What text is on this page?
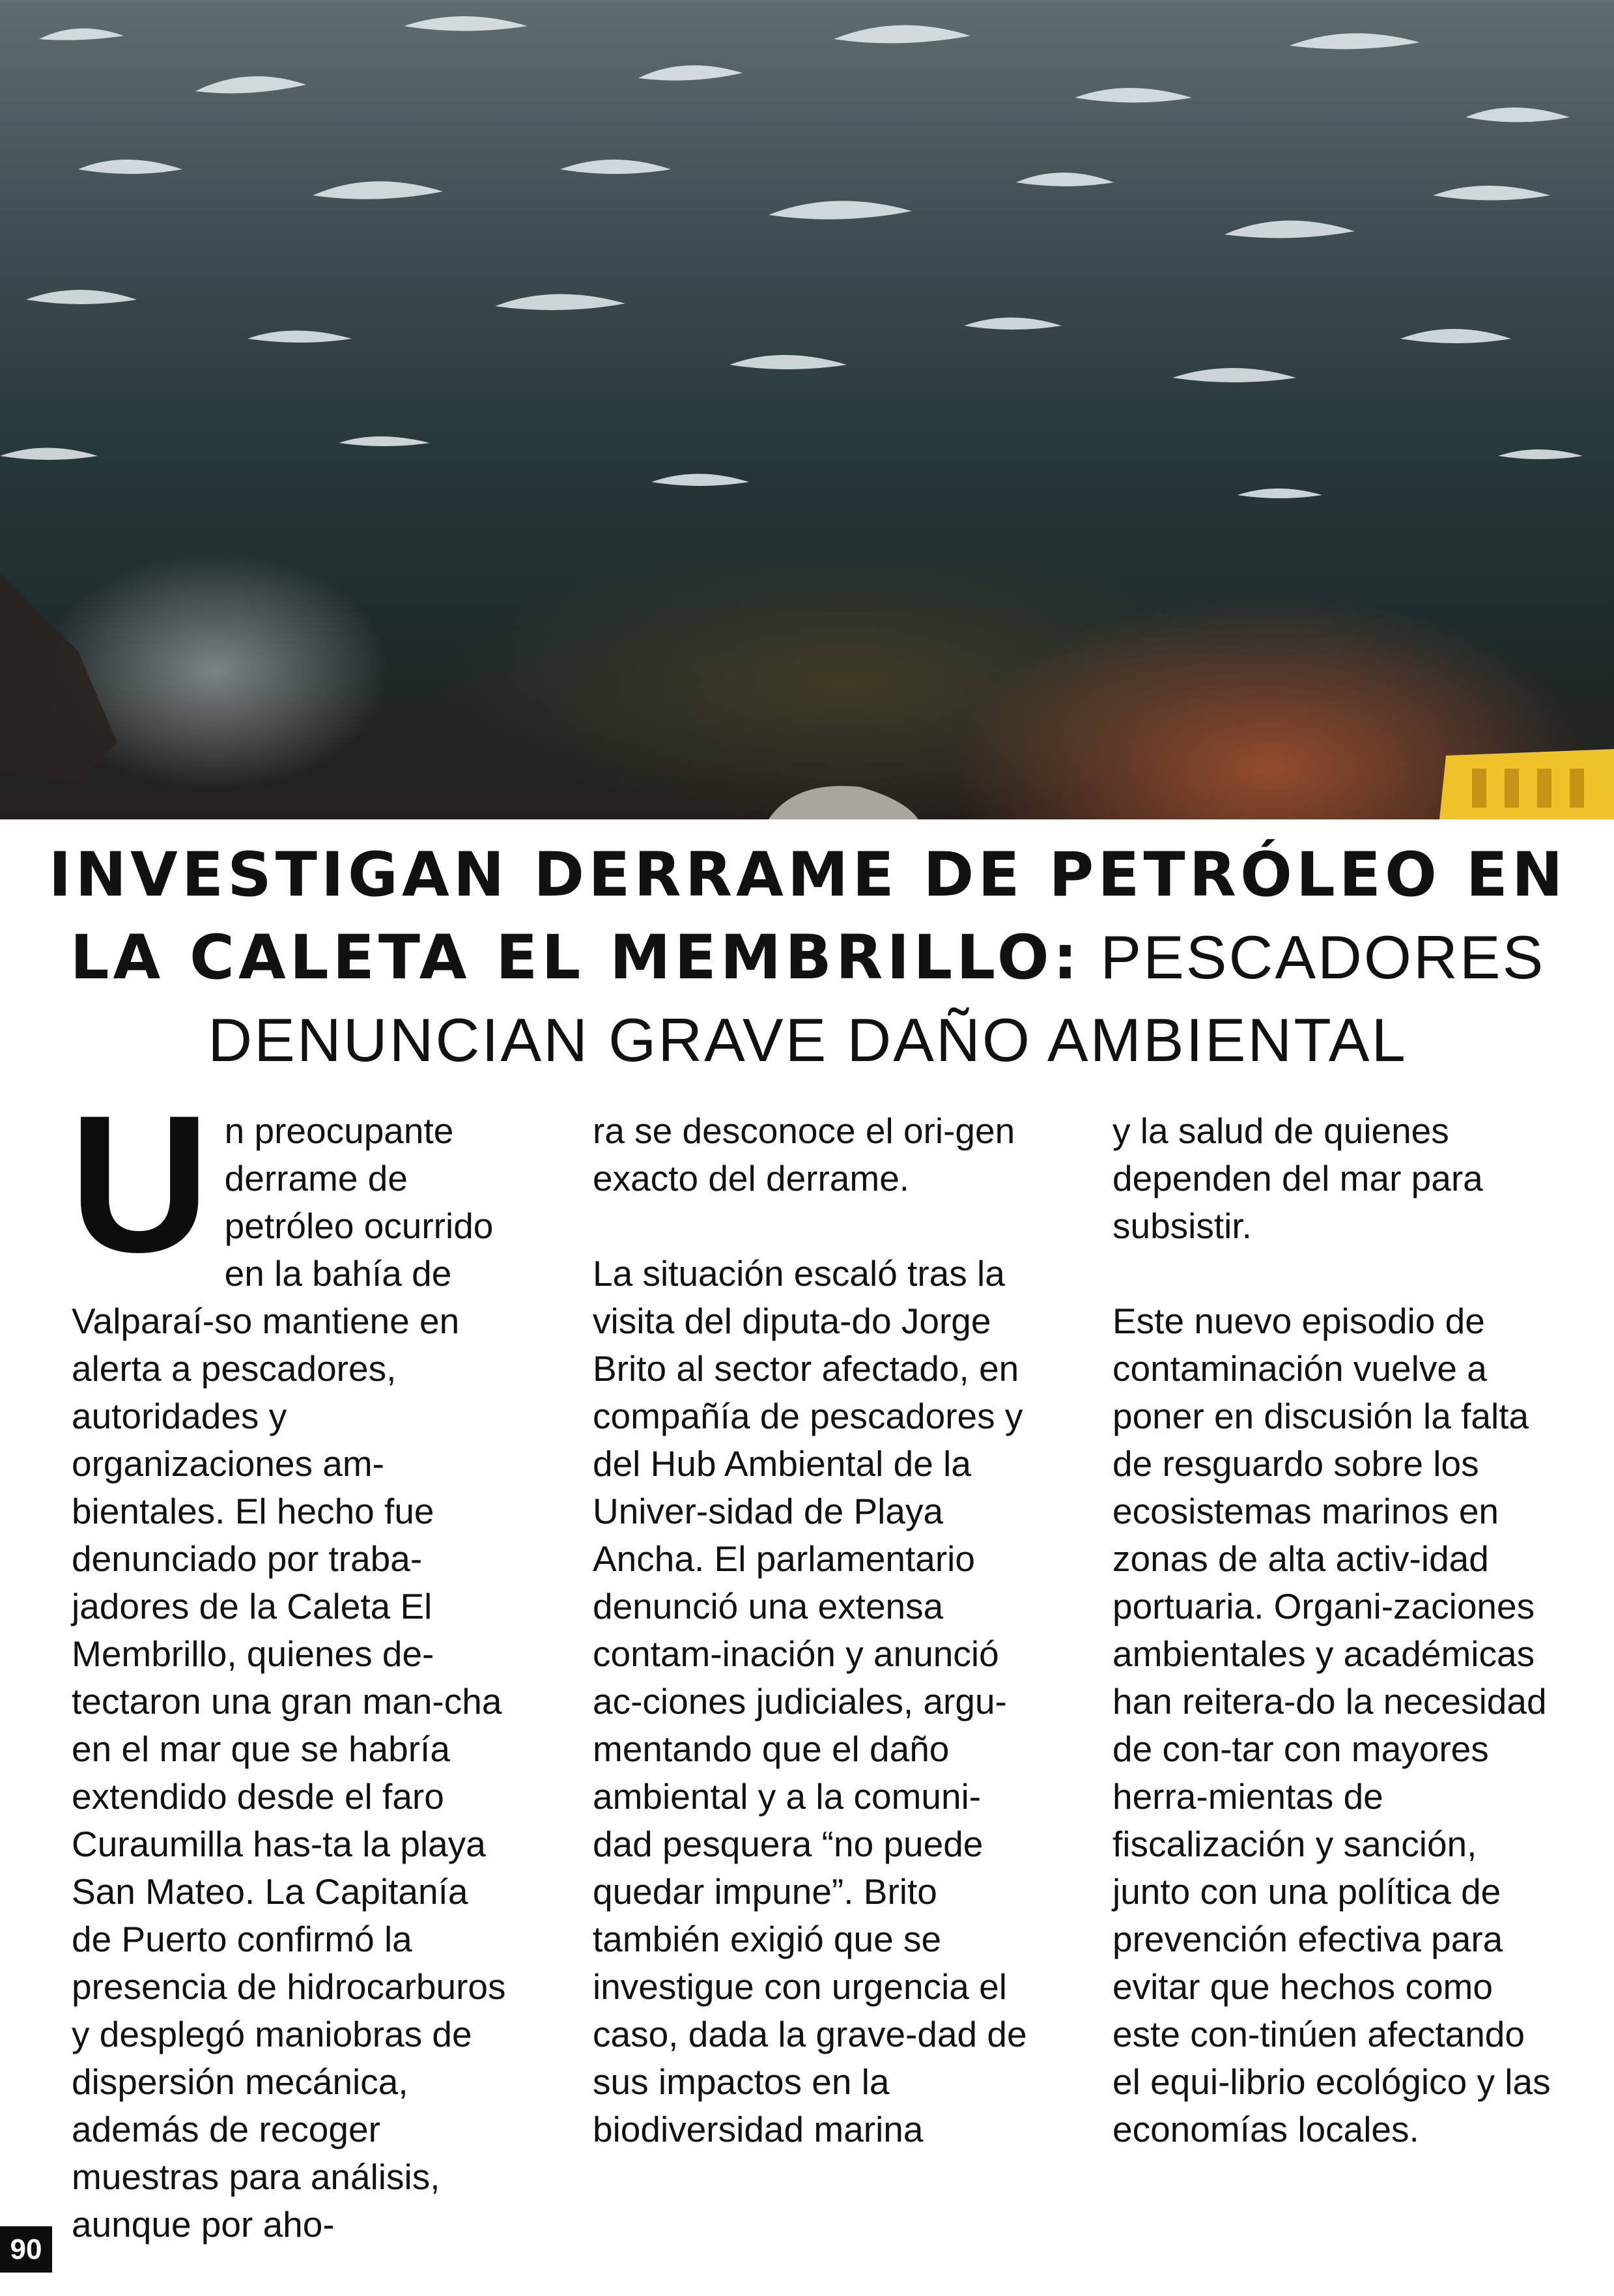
INVESTIGAN DERRAME DE PETRÓLEO EN LA CALETA EL MEMBRILLO: PESCADORES DENUNCIAN GRAVE DAÑO AMBIENTAL

Un preocupante derrame de petróleo ocurrido en la bahía de Valparaí-so mantiene en alerta a pescadores, autoridades y organizaciones am-bientales. El hecho fue denunciado por traba-jadores de la Caleta El Membrillo, quienes de-tectaron una gran man-cha en el mar que se habría extendido desde el faro Curaumilla has-ta la playa San Mateo. La Capitanía de Puerto confirmó la presencia de hidrocarburos y desplegó maniobras de dispersión mecánica, además de recoger muestras para análisis, aunque por aho-

ra se desconoce el ori-gen exacto del derrame.

La situación escaló tras la visita del diputa-do Jorge Brito al sector afectado, en compañía de pescadores y del Hub Ambiental de la Univer-sidad de Playa Ancha. El parlamentario denunció una extensa contam-inación y anunció ac-ciones judiciales, argu-mentando que el daño ambiental y a la comuni-dad pesquera “no puede quedar impune”. Brito también exigió que se investigue con urgencia el caso, dada la grave-dad de sus impactos en la biodiversidad marina

y la salud de quienes dependen del mar para subsistir.

Este nuevo episodio de contaminación vuelve a poner en discusión la falta de resguardo sobre los ecosistemas marinos en zonas de alta activ-idad portuaria. Organi-zaciones ambientales y académicas han reitera-do la necesidad de con-tar con mayores herra-mientas de fiscalización y sanción, junto con una política de prevención efectiva para evitar que hechos como este con-tinúen afectando el equi-librio ecológico y las economías locales.

90
